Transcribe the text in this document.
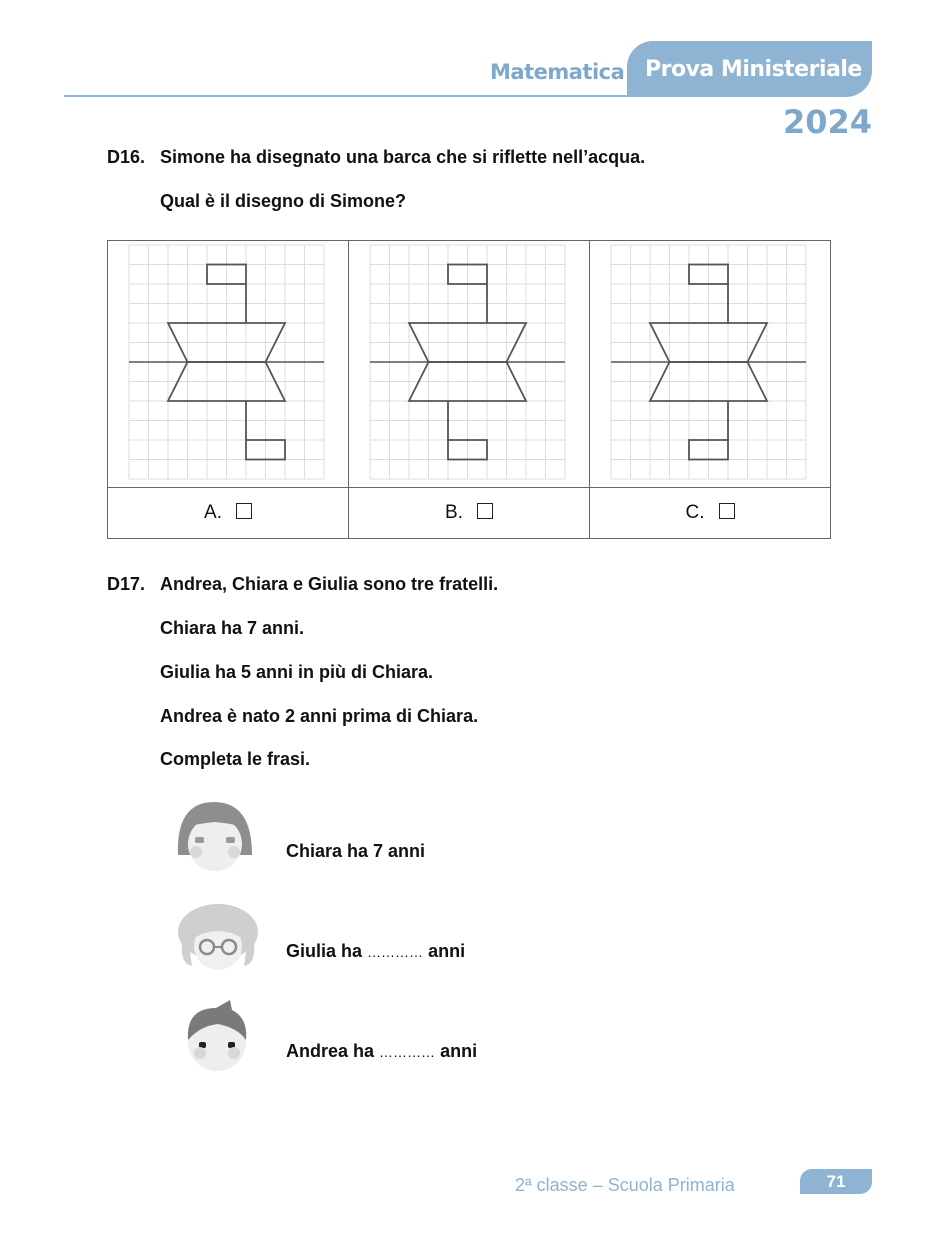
Matematica Prova Ministeriale
2024
D16. Simone ha disegnato una barca che si riflette nell’acqua.
Qual è il disegno di Simone?

A.	B.	C.
D17. Andrea, Chiara e Giulia sono tre fratelli.
Chiara ha 7 anni.
Giulia ha 5 anni in più di Chiara.
Andrea è nato 2 anni prima di Chiara.
Completa le frasi.
Chiara ha 7 anni
Giulia ha ………… anni
Andrea ha ………… anni
2ª classe – Scuola Primaria	71
